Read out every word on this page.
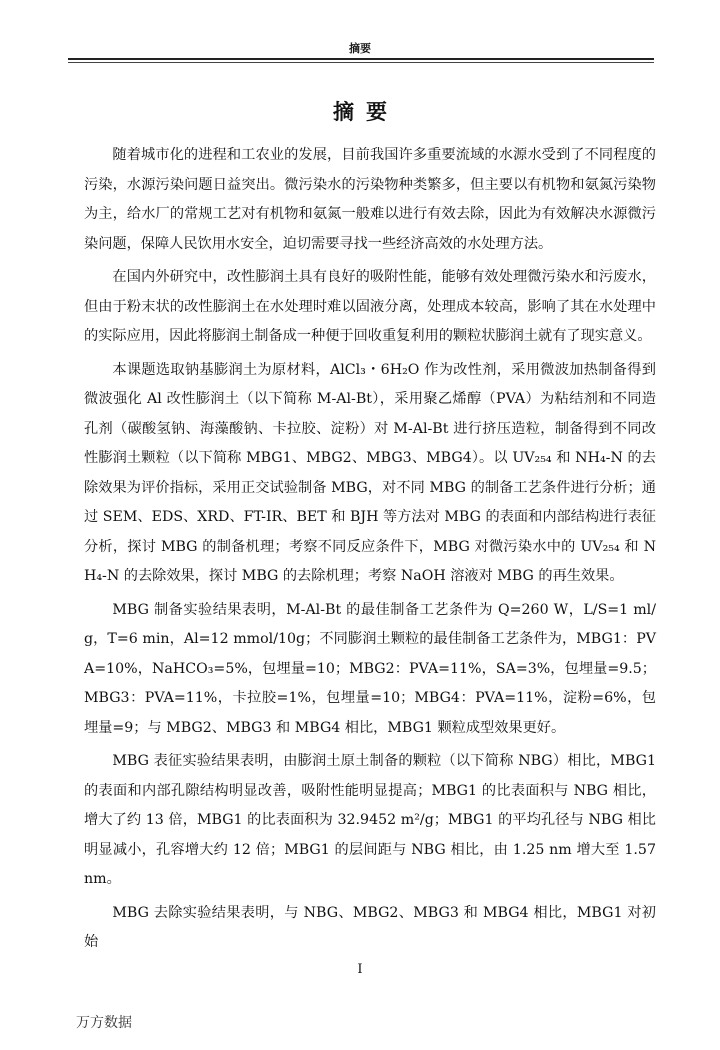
摘要
摘要

随着城市化的进程和工农业的发展，目前我国许多重要流域的水源水受到了不同程度的污染，水源污染问题日益突出。微污染水的污染物种类繁多，但主要以有机物和氨氮污染物为主，给水厂的常规工艺对有机物和氨氮一般难以进行有效去除，因此为有效解决水源微污染问题，保障人民饮用水安全，迫切需要寻找一些经济高效的水处理方法。

在国内外研究中，改性膨润土具有良好的吸附性能，能够有效处理微污染水和污废水，但由于粉末状的改性膨润土在水处理时难以固液分离，处理成本较高，影响了其在水处理中的实际应用，因此将膨润土制备成一种便于回收重复利用的颗粒状膨润土就有了现实意义。

本课题选取钠基膨润土为原材料，AlCl₃・6H₂O 作为改性剂，采用微波加热制备得到微波强化 Al 改性膨润土（以下简称 M-Al-Bt），采用聚乙烯醇（PVA）为粘结剂和不同造孔剂（碳酸氢钠、海藻酸钠、卡拉胶、淀粉）对 M-Al-Bt 进行挤压造粒，制备得到不同改性膨润土颗粒（以下简称 MBG1、MBG2、MBG3、MBG4）。以 UV₂₅₄ 和 NH₄-N 的去除效果为评价指标，采用正交试验制备 MBG，对不同 MBG 的制备工艺条件进行分析；通过 SEM、EDS、XRD、FT-IR、BET 和 BJH 等方法对 MBG 的表面和内部结构进行表征分析，探讨 MBG 的制备机理；考察不同反应条件下，MBG 对微污染水中的 UV₂₅₄ 和 NH₄-N 的去除效果，探讨 MBG 的去除机理；考察 NaOH 溶液对 MBG 的再生效果。

MBG 制备实验结果表明，M-Al-Bt 的最佳制备工艺条件为 Q=260 W，L/S=1 ml/g，T=6 min，Al=12 mmol/10g；不同膨润土颗粒的最佳制备工艺条件为，MBG1：PVA=10%，NaHCO₃=5%，包埋量=10；MBG2：PVA=11%，SA=3%，包埋量=9.5；MBG3：PVA=11%，卡拉胶=1%，包埋量=10；MBG4：PVA=11%，淀粉=6%，包埋量=9；与 MBG2、MBG3 和 MBG4 相比，MBG1 颗粒成型效果更好。

MBG 表征实验结果表明，由膨润土原土制备的颗粒（以下简称 NBG）相比，MBG1 的表面和内部孔隙结构明显改善，吸附性能明显提高；MBG1 的比表面积与 NBG 相比，增大了约 13 倍，MBG1 的比表面积为 32.9452 m²/g；MBG1 的平均孔径与 NBG 相比明显减小，孔容增大约 12 倍；MBG1 的层间距与 NBG 相比，由 1.25 nm 增大至 1.57 nm。

MBG 去除实验结果表明，与 NBG、MBG2、MBG3 和 MBG4 相比，MBG1 对初始

I
万方数据
